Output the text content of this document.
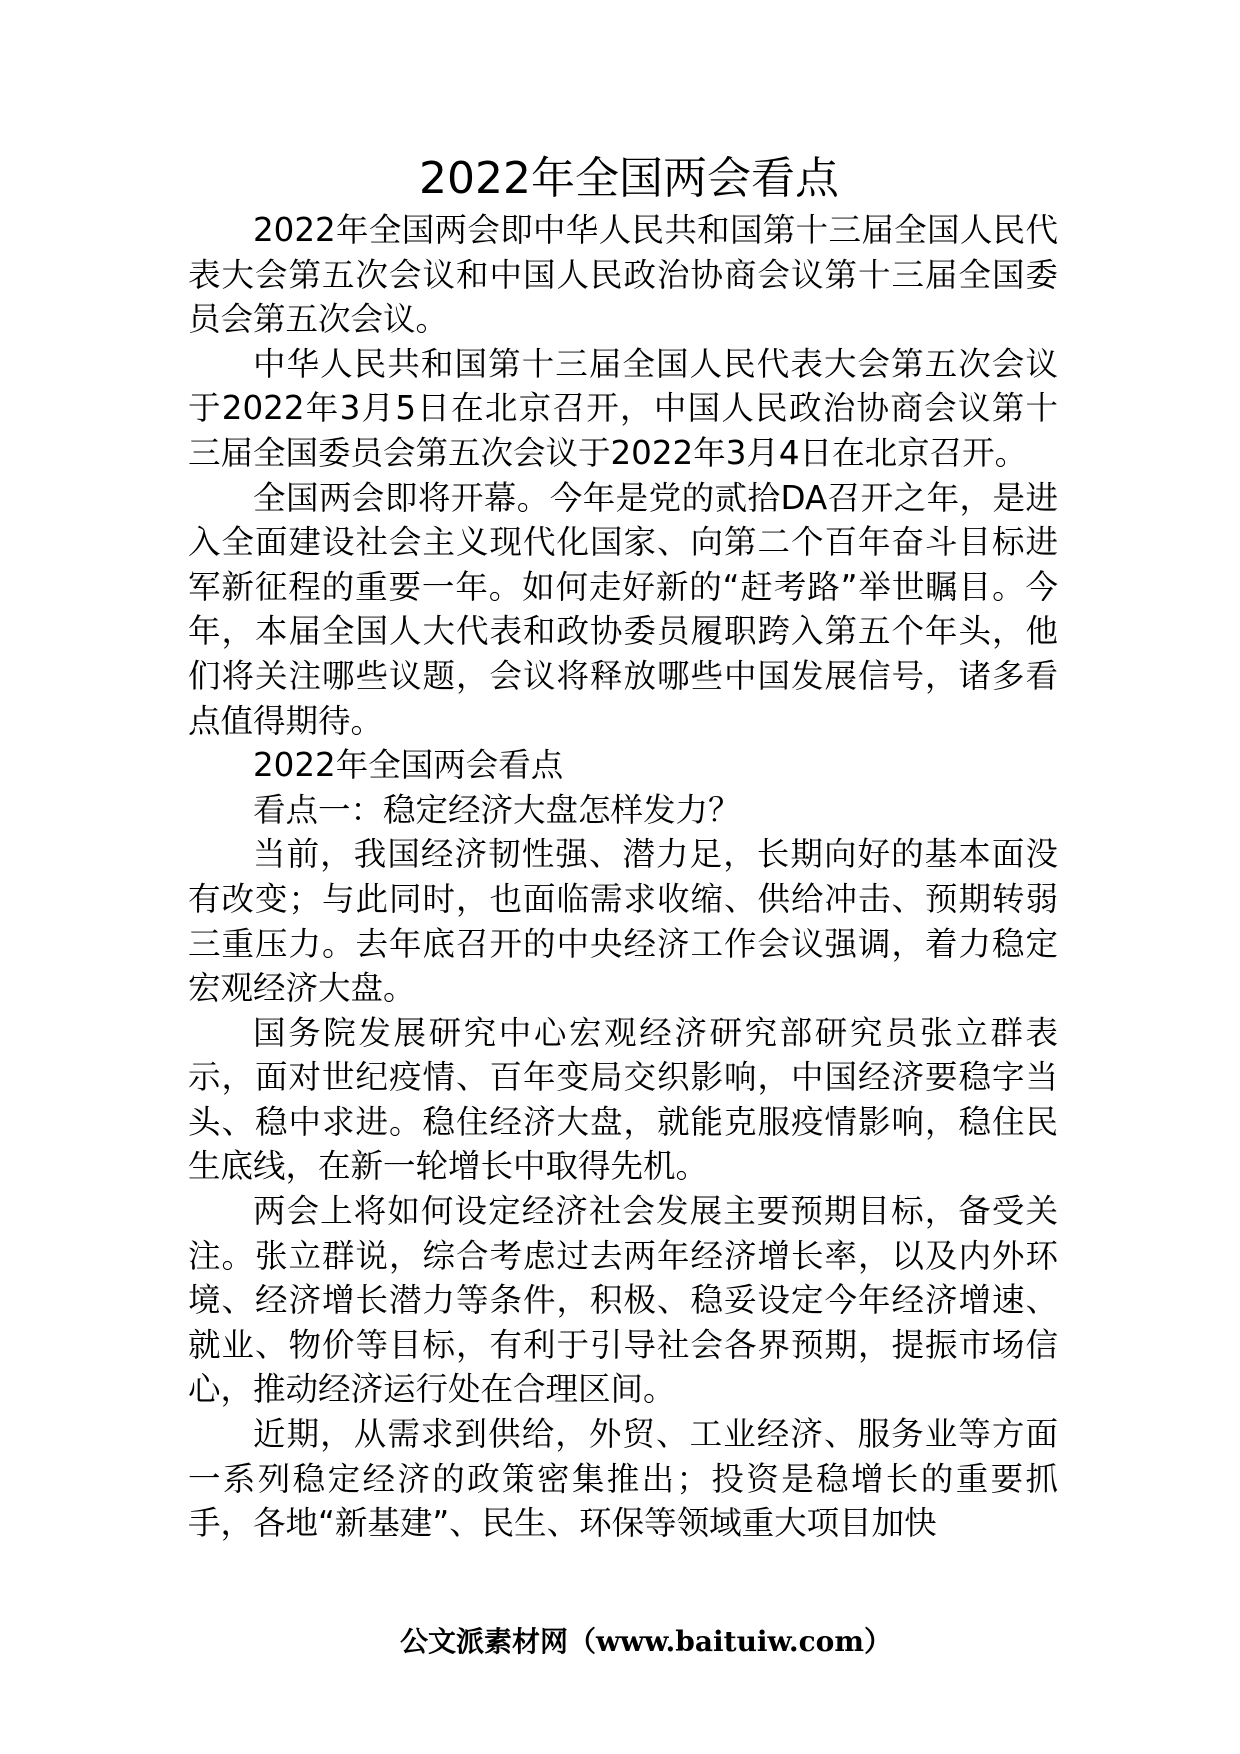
2022年全国两会看点

2022年全国两会即中华人民共和国第十三届全国人民代表大会第五次会议和中国人民政治协商会议第十三届全国委员会第五次会议。

中华人民共和国第十三届全国人民代表大会第五次会议于2022年3月5日在北京召开，中国人民政治协商会议第十三届全国委员会第五次会议于2022年3月4日在北京召开。

全国两会即将开幕。今年是党的贰拾DA召开之年，是进入全面建设社会主义现代化国家、向第二个百年奋斗目标进军新征程的重要一年。如何走好新的“赶考路”举世瞩目。今年，本届全国人大代表和政协委员履职跨入第五个年头，他们将关注哪些议题，会议将释放哪些中国发展信号，诸多看点值得期待。

2022年全国两会看点

看点一：稳定经济大盘怎样发力？

当前，我国经济韧性强、潜力足，长期向好的基本面没有改变；与此同时，也面临需求收缩、供给冲击、预期转弱三重压力。去年底召开的中央经济工作会议强调，着力稳定宏观经济大盘。

国务院发展研究中心宏观经济研究部研究员张立群表示，面对世纪疫情、百年变局交织影响，中国经济要稳字当头、稳中求进。稳住经济大盘，就能克服疫情影响，稳住民生底线，在新一轮增长中取得先机。

两会上将如何设定经济社会发展主要预期目标，备受关注。张立群说，综合考虑过去两年经济增长率，以及内外环境、经济增长潜力等条件，积极、稳妥设定今年经济增速、就业、物价等目标，有利于引导社会各界预期，提振市场信心，推动经济运行处在合理区间。

近期，从需求到供给，外贸、工业经济、服务业等方面一系列稳定经济的政策密集推出；投资是稳增长的重要抓手，各地“新基建”、民生、环保等领域重大项目加快

公文派素材网（www.baituiw.com）
